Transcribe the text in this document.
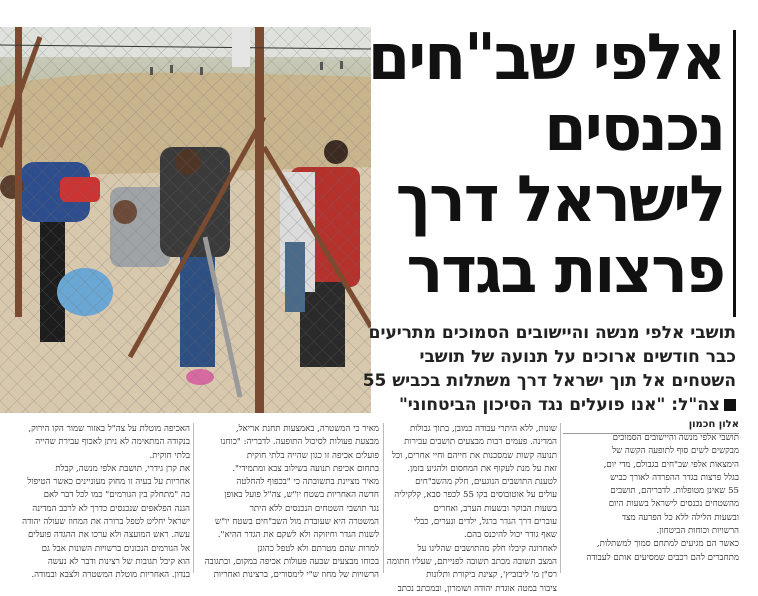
אלפי שב"חים
נכנסים
לישראל דרך
פרצות בגדר
תושבי אלפי מנשה והיישובים הסמוכים מתריעים
כבר חודשים ארוכים על תנועה של תושבי
השטחים אל תוך ישראל דרך משתלות בכביש 55
צה"ל: "אנו פועלים נגד הסיכון הביטחוני"
אלון חכמון

תושבי אלפי מנשה והיישובים הסמוכים

מבקשים לשים סוף לתופעה הקשה של

הימצאות אלפי שב"חים בגבולם, מדי יום,

בגלל פרצות בגדר ההפרדה לאורך כביש

55 שאינן מטופלות. לדבריהם, תושבים

מהשטחים נכנסים לישראל בשעות היום

ובשעות הלילה ללא כל הפרעה מצד

הרשויות וכוחות הביטחון.

כאשר הם מגיעים למתחם סמוך למשתלות,

מתחברים להם רכבים שמסיעים אותם לעבודה

שונות, ללא היתרי עבודה כמובן, בתוך גבולות

המדינה. פעמים רבות מבצעים תושבים עבירות

תנועה קשות שמסכנות את חייהם וחיי אחרים, וכל

זאת על מנת לעקוף את המחסום ולהגיע בזמן.

לטענת התושבים הנוגעים, חלק מהשב"חים

עולים על אוטובוסים בקו 55 לכפר סבא, קלקיליה

בשעות הבוקר ובשעות הערב, ואחרים

עוברים דרך הגדר ברגל, ילדים ונערים, כבלי

שאף גודר יכול להיכנס בהם.

לאחרונה קיבלו חלק מהתושבים שהלינו על

המצב תשובה מכתב תשובה לפנייתם, שעליו חתומה

רס"ן מ' ליבוביץ', קצינת ביקורת ותלונות

ציבור במטה אוגדת יהודה ושומרון, ובמכתב נכתב

מאיר כי המשטרה, באמצעות תחנת אריאל,

מבצעת פעולות לסיכול התופעה. לדבריה: "כוחנו

פועלים אכיפה זו כגון שהייה בלתי חוקית

בתחום אכיפת תנועה בשילוב צבא ומתמידי".

מאיר מציינת בתשובתה כי "בכפוף להחלטה

חדשה האחריות בשטח יו"ש, צה"ל פועל באופן

נגד תושבי השטחים הנכנסים ללא היתר

המשטרה היא שעובדת מול השב"חים בשטח יו"ש

לשנות הגדר וחיזוקה ולא לשקם את הגדר ההיא".

למרות שהם מטרתם ולא לטפל כהוגן

בכוחו מבצעים שבעה פעולות אכיפה במקום, ובתגובה

הרשויות של מחוז ש"י לימסורים, ברצינות ואחריות

האכיפה מוטלת על צה"ל באזור שמור הקו הירוק,

בנקודה המתאימה לא ניתן לאכוף עבירת שהייה

בלתי חוקית.

את קרן גידרי, תושבת אלפי מנשה, קבלת

אחריות על בעיה זו מחוק מעוניינים כאשר הטיפול

בה "מתחלק בין הגורמים" כמו לכל דבר לאם

הגנה הפלאפים שנכנסים כדרך לא לרכב המדינה

ישראל יחליט לטפל ברורה את המחוז שעולה יהודה

עשה. ראש המועצה ולא ערכו את ההגדה פועלים

אל הגורמים הנכונים ברשויות השונות אבל גם

הוא קיבל תגובות של רצינות ודבר לא נעשה

בנדון. האחריות מוטלת המשטרה ולצבא ובמודה.
